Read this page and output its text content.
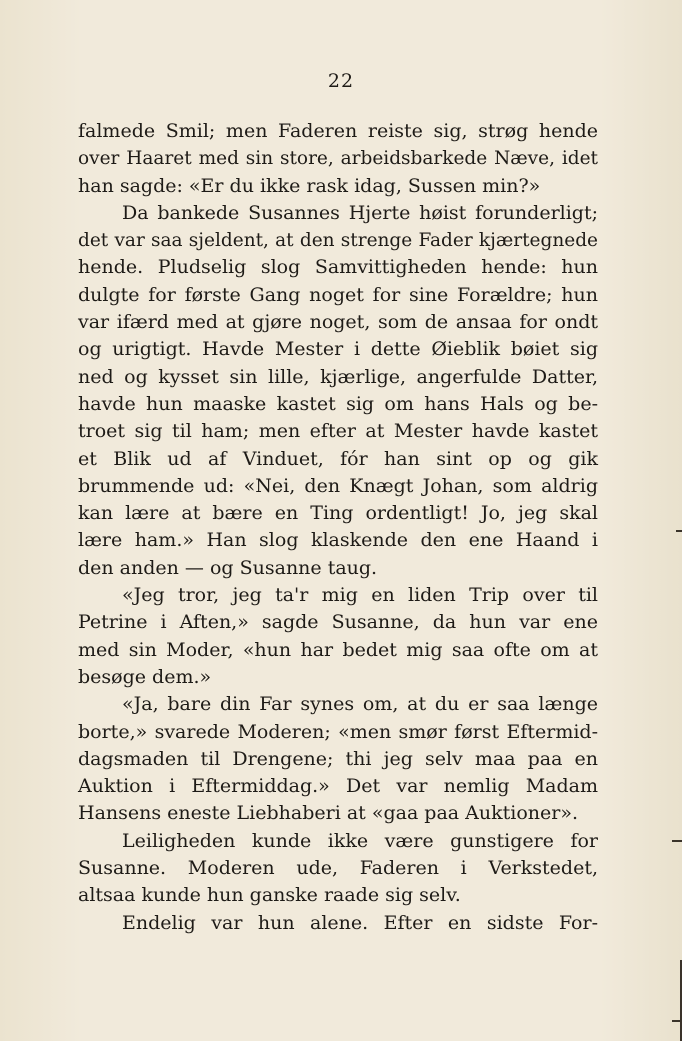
22
falmede Smil; men Faderen reiste sig, strøg hende
over Haaret med sin store, arbeidsbarkede Næve, idet
han sagde: «Er du ikke rask idag, Sussen min?»
Da bankede Susannes Hjerte høist forunderligt;
det var saa sjeldent, at den strenge Fader kjærtegnede
hende. Pludselig slog Samvittigheden hende: hun
dulgte for første Gang noget for sine Forældre; hun
var ifærd med at gjøre noget, som de ansaa for ondt
og urigtigt. Havde Mester i dette Øieblik bøiet sig
ned og kysset sin lille, kjærlige, angerfulde Datter,
havde hun maaske kastet sig om hans Hals og be-
troet sig til ham; men efter at Mester havde kastet
et Blik ud af Vinduet, fór han sint op og gik
brummende ud: «Nei, den Knægt Johan, som aldrig
kan lære at bære en Ting ordentligt! Jo, jeg skal
lære ham.» Han slog klaskende den ene Haand i
den anden — og Susanne taug.
«Jeg tror, jeg ta'r mig en liden Trip over til
Petrine i Aften,» sagde Susanne, da hun var ene
med sin Moder, «hun har bedet mig saa ofte om at
besøge dem.»
«Ja, bare din Far synes om, at du er saa længe
borte,» svarede Moderen; «men smør først Eftermid-
dagsmaden til Drengene; thi jeg selv maa paa en
Auktion i Eftermiddag.» Det var nemlig Madam
Hansens eneste Liebhaberi at «gaa paa Auktioner».
Leiligheden kunde ikke være gunstigere for
Susanne. Moderen ude, Faderen i Verkstedet,
altsaa kunde hun ganske raade sig selv.
Endelig var hun alene. Efter en sidste For-
